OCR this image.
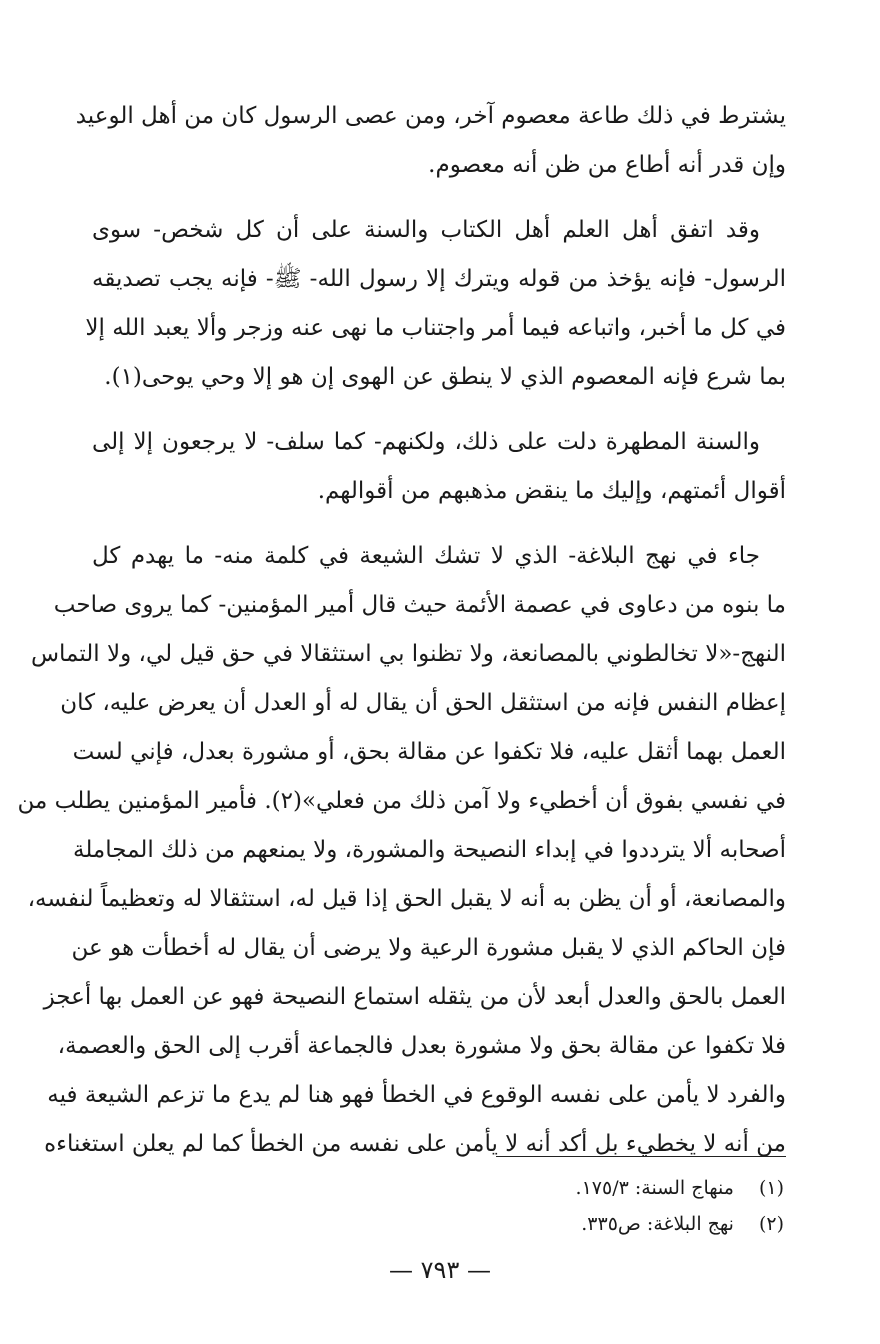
يشترط في ذلك طاعة معصوم آخر، ومن عصى الرسول كان من أهل الوعيد
وإن قدر أنه أطاع من ظن أنه معصوم.

وقد اتفق أهل العلم أهل الكتاب والسنة على أن كل شخص- سوى
الرسول- فإنه يؤخذ من قوله ويترك إلا رسول الله- ﷺ- فإنه يجب تصديقه
في كل ما أخبر، واتباعه فيما أمر واجتناب ما نهى عنه وزجر وألا يعبد الله إلا
بما شرع فإنه المعصوم الذي لا ينطق عن الهوى إن هو إلا وحي يوحى(١).

والسنة المطهرة دلت على ذلك، ولكنهم- كما سلف- لا يرجعون إلا إلى
أقوال أئمتهم، وإليك ما ينقض مذهبهم من أقوالهم.

جاء في نهج البلاغة- الذي لا تشك الشيعة في كلمة منه- ما يهدم كل
ما بنوه من دعاوى في عصمة الأئمة حيث قال أمير المؤمنين- كما يروى صاحب
النهج-«لا تخالطوني بالمصانعة، ولا تظنوا بي استثقالا في حق قيل لي، ولا التماس
إعظام النفس فإنه من استثقل الحق أن يقال له أو العدل أن يعرض عليه، كان
العمل بهما أثقل عليه، فلا تكفوا عن مقالة بحق، أو مشورة بعدل، فإني لست
في نفسي بفوق أن أخطيء ولا آمن ذلك من فعلي»(٢). فأمير المؤمنين يطلب من
أصحابه ألا يترددوا في إبداء النصيحة والمشورة، ولا يمنعهم من ذلك المجاملة
والمصانعة، أو أن يظن به أنه لا يقبل الحق إذا قيل له، استثقالا له وتعظيماً لنفسه،
فإن الحاكم الذي لا يقبل مشورة الرعية ولا يرضى أن يقال له أخطأت هو عن
العمل بالحق والعدل أبعد لأن من يثقله استماع النصيحة فهو عن العمل بها أعجز
فلا تكفوا عن مقالة بحق ولا مشورة بعدل فالجماعة أقرب إلى الحق والعصمة،
والفرد لا يأمن على نفسه الوقوع في الخطأ فهو هنا لم يدع ما تزعم الشيعة فيه
من أنه لا يخطيء بل أكد أنه لا يأمن على نفسه من الخطأ كما لم يعلن استغناءه

(١) منهاج السنة: ١٧٥/٣.
(٢) نهج البلاغة: ص٣٣٥.
— ٧٩٣ —
